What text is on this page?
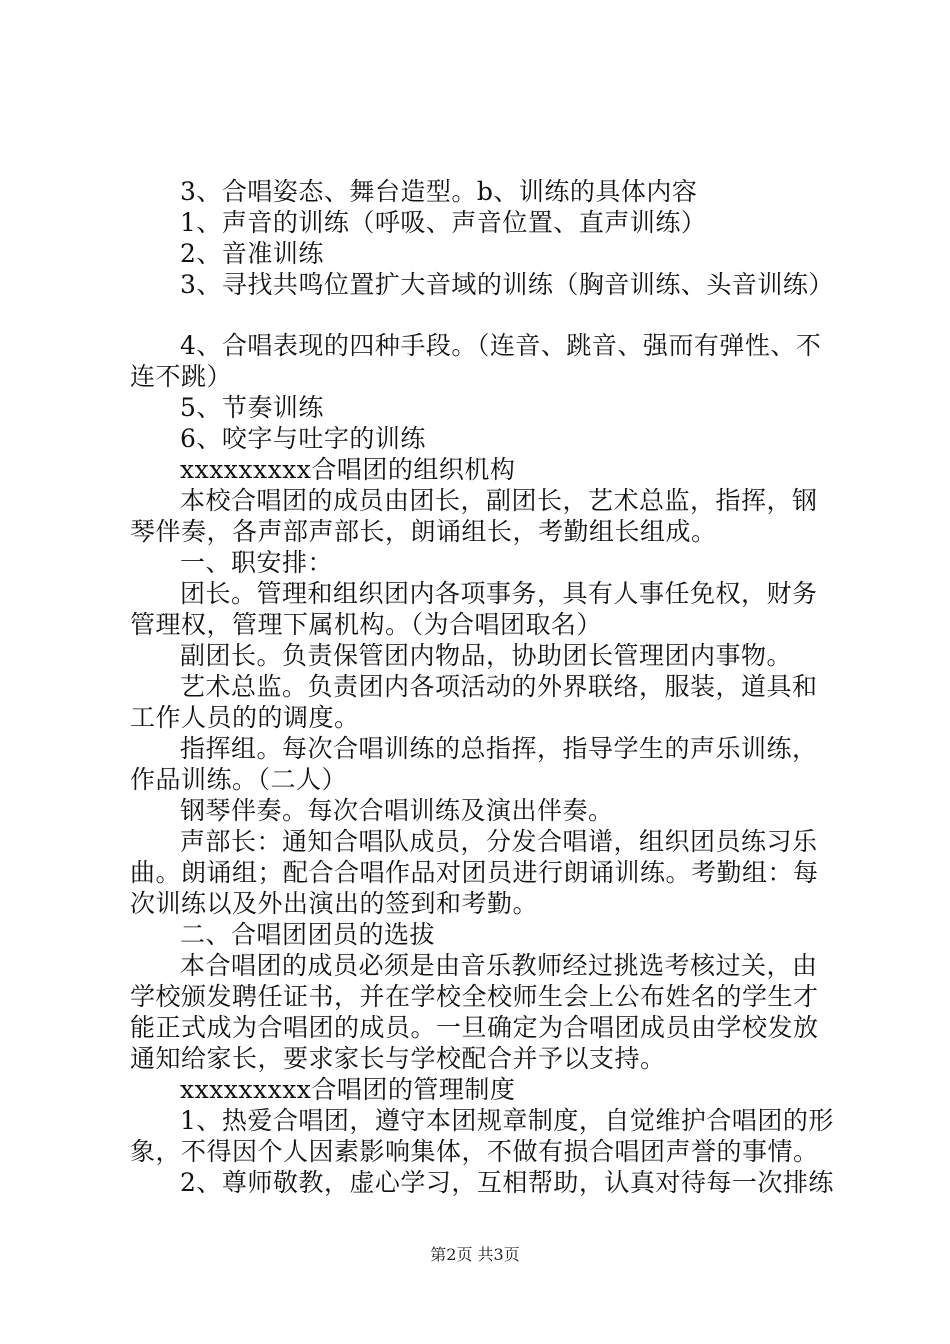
3、合唱姿态、舞台造型。b、训练的具体内容
1、声音的训练（呼吸、声音位置、直声训练）
2、音准训练
3、寻找共鸣位置扩大音域的训练（胸音训练、头音训练）
4、合唱表现的四种手段。（连音、跳音、强而有弹性、不
连不跳）
5、节奏训练
6、咬字与吐字的训练
xxxxxxxxx合唱团的组织机构
本校合唱团的成员由团长，副团长，艺术总监，指挥，钢
琴伴奏，各声部声部长，朗诵组长，考勤组长组成。
一、职安排：
团长。管理和组织团内各项事务，具有人事任免权，财务
管理权，管理下属机构。（为合唱团取名）
副团长。负责保管团内物品，协助团长管理团内事物。
艺术总监。负责团内各项活动的外界联络，服装，道具和
工作人员的的调度。
指挥组。每次合唱训练的总指挥，指导学生的声乐训练，
作品训练。（二人）
钢琴伴奏。每次合唱训练及演出伴奏。
声部长：通知合唱队成员，分发合唱谱，组织团员练习乐
曲。朗诵组；配合合唱作品对团员进行朗诵训练。考勤组：每
次训练以及外出演出的签到和考勤。
二、合唱团团员的选拔
本合唱团的成员必须是由音乐教师经过挑选考核过关，由
学校颁发聘任证书，并在学校全校师生会上公布姓名的学生才
能正式成为合唱团的成员。一旦确定为合唱团成员由学校发放
通知给家长，要求家长与学校配合并予以支持。
xxxxxxxxx合唱团的管理制度
1、热爱合唱团，遵守本团规章制度，自觉维护合唱团的形
象，不得因个人因素影响集体，不做有损合唱团声誉的事情。
2、尊师敬教，虚心学习，互相帮助，认真对待每一次排练
第2页 共3页
